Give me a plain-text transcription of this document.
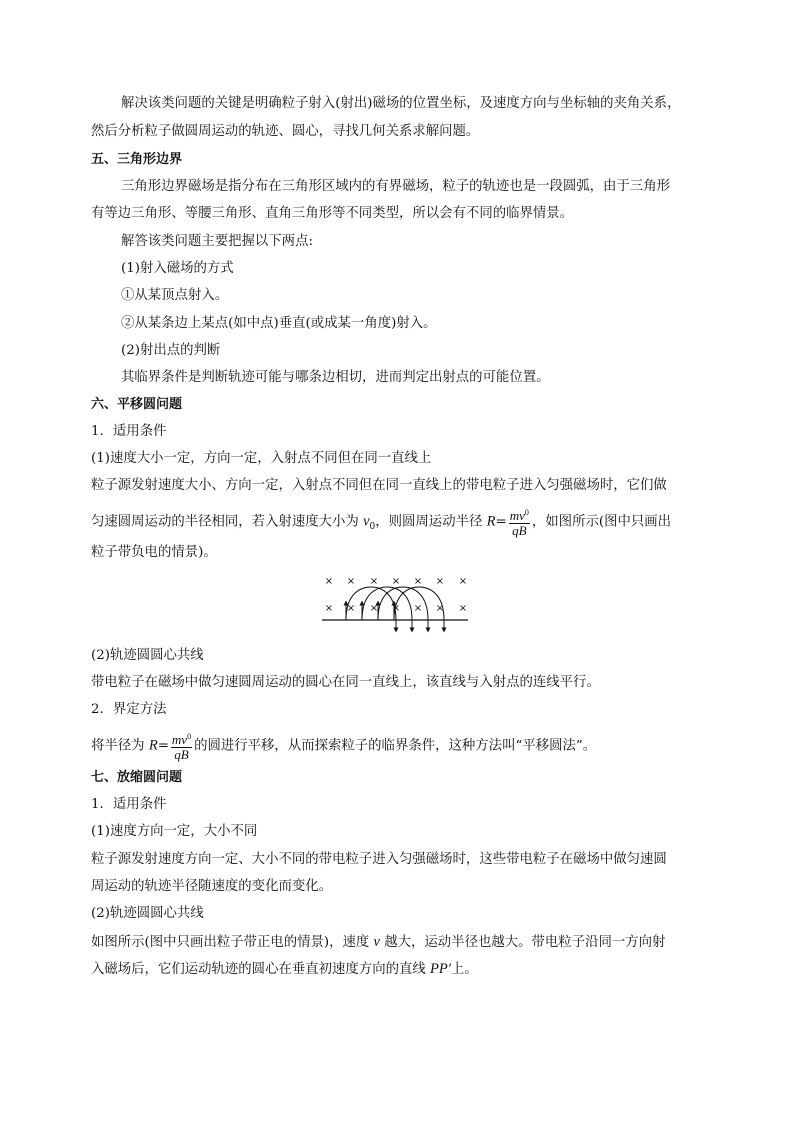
解决该类问题的关键是明确粒子射入(射出)磁场的位置坐标，及速度方向与坐标轴的夹角关系，
然后分析粒子做圆周运动的轨迹、圆心，寻找几何关系求解问题。
五、三角形边界
三角形边界磁场是指分布在三角形区域内的有界磁场，粒子的轨迹也是一段圆弧，由于三角形
有等边三角形、等腰三角形、直角三角形等不同类型，所以会有不同的临界情景。
解答该类问题主要把握以下两点:
(1)射入磁场的方式
①从某顶点射入。
②从某条边上某点(如中点)垂直(或成某一角度)射入。
(2)射出点的判断
其临界条件是判断轨迹可能与哪条边相切，进而判定出射点的可能位置。
六、平移圆问题
1．适用条件
(1)速度大小一定，方向一定，入射点不同但在同一直线上
粒子源发射速度大小、方向一定，入射点不同但在同一直线上的带电粒子进入匀强磁场时，它们做
匀速圆周运动的半径相同，若入射速度大小为 $v_0$，则圆周运动半径 $R= \frac{mv^0}{qB}$ ，如图所示(图中只画出
粒子带负电的情景)。
× × × × × × ×
× × × × × × ×
(2)轨迹圆圆心共线
带电粒子在磁场中做匀速圆周运动的圆心在同一直线上，该直线与入射点的连线平行。
2．界定方法
将半径为 $R= \frac{mv^0}{qB}$ 的圆进行平移，从而探索粒子的临界条件，这种方法叫“平移圆法”。
七、放缩圆问题
1．适用条件
(1)速度方向一定，大小不同
粒子源发射速度方向一定、大小不同的带电粒子进入匀强磁场时，这些带电粒子在磁场中做匀速圆
周运动的轨迹半径随速度的变化而变化。
(2)轨迹圆圆心共线
如图所示(图中只画出粒子带正电的情景)，速度 v 越大，运动半径也越大。带电粒子沿同一方向射
入磁场后，它们运动轨迹的圆心在垂直初速度方向的直线 PP′上。
